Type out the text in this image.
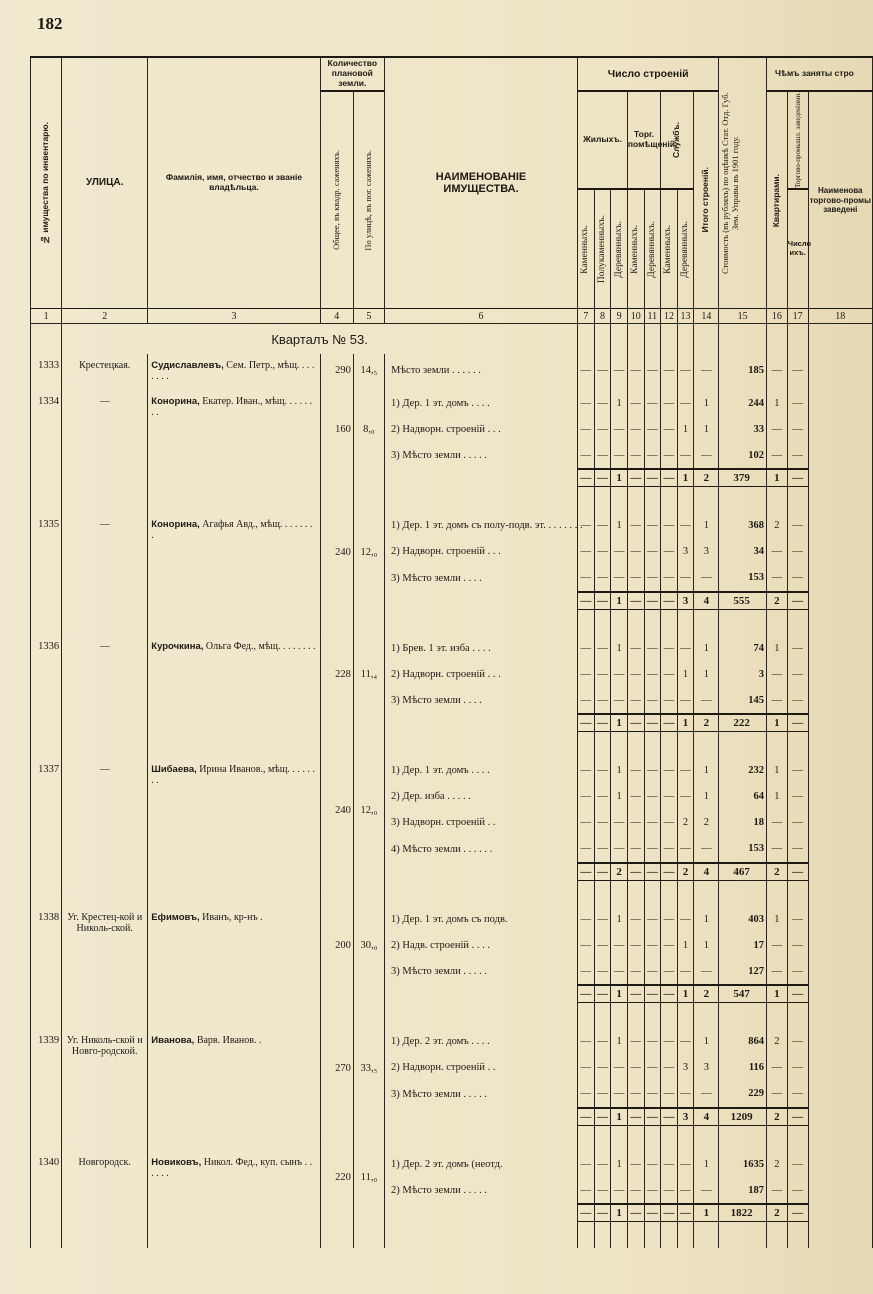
182
№ имущества по инвентарю.	УЛИЦА.	Фамилія, имя, отчество и званіе владѣльца.	Количество плановой земли.		НАИМЕНОВАНІЕ ИМУЩЕСТВА.	Число строеній								Стоимость (въ рубляхъ) по оцѣнкѣ Стат. Отд. Губ. Зем. Управы въ 1901 году.	Чѣмъ заняты стро		

			Общее, въ квадр. саженяхъ.	По улицѣ, въ пог. саженяхъ.		Жилыхъ.			Торг. помѣщеній.		Службъ.		Итого строеній.		Квартирами.	Торгово-промышл. заведеніями.	Наименова торгово-промы заведені

						Каменныхъ.	Полукаменныхъ.	Деревянныхъ.	Каменныхъ.	Деревянныхъ.	Каменныхъ.	Деревянныхъ.				Число ихъ.	
1	2	3	4	5	6	7	8	9	10	11	12	13	14	15	16	17	18
	Кварталъ № 53.																
1333	Крестецкая.	Судиславлевъ, Сем. Петр., мѣщ. . . . . . . .	290	14,₅	Мѣсто земли . . . . . .	—	—	—	—	—	—	—	—	185	—	—	

1334	—	Конорина, Екатер. Иван., мѣщ. . . . . . . .	160	8,₀	1) Дер. 1 эт. домъ . . . .	—	—	1	—	—	—	—	1	244	1	—	
					2) Надворн. строеній . . .	—	—	—	—	—	—	1	1	33	—	—	
					3) Мѣсто земли . . . . .	—	—	—	—	—	—	—	—	102	—	—	
						—	—	1	—	—	—	1	2	379	1	—	

1335	—	Конорина, Агафья Авд., мѣщ. . . . . . . .	240	12,₀	1) Дер. 1 эт. домъ съ полу-подв. эт. . . . . . . .	—	—	1	—	—	—	—	1	368	2	—	
					2) Надворн. строеній . . .	—	—	—	—	—	—	3	3	34	—	—	
					3) Мѣсто земли . . . .	—	—	—	—	—	—	—	—	153	—	—	
						—	—	1	—	—	—	3	4	555	2	—	

1336	—	Курочкина, Ольга Фед., мѣщ. . . . . . . .	228	11,₄	1) Брев. 1 эт. изба . . . .	—	—	1	—	—	—	—	1	74	1	—	
					2) Надворн. строеній . . .	—	—	—	—	—	—	1	1	3	—	—	
					3) Мѣсто земли . . . .	—	—	—	—	—	—	—	—	145	—	—	
						—	—	1	—	—	—	1	2	222	1	—	

1337	—	Шибаева, Ирина Иванов., мѣщ. . . . . . . .	240	12,₀	1) Дер. 1 эт. домъ . . . .	—	—	1	—	—	—	—	1	232	1	—	
					2) Дер. изба . . . . .	—	—	1	—	—	—	—	1	64	1	—	
					3) Надворн. строеній . .	—	—	—	—	—	—	2	2	18	—	—	
					4) Мѣсто земли . . . . . .	—	—	—	—	—	—	—	—	153	—	—	
						—	—	2	—	—	—	2	4	467	2	—	

1338	Уг. Крестец-кой и Николь-ской.	Ефимовъ, Иванъ, кр-нъ .	200	30,₀	1) Дер. 1 эт. домъ съ подв.	—	—	1	—	—	—	—	1	403	1	—	
					2) Надв. строеній . . . .	—	—	—	—	—	—	1	1	17	—	—	
					3) Мѣсто земли . . . . .	—	—	—	—	—	—	—	—	127	—	—	
						—	—	1	—	—	—	1	2	547	1	—	

1339	Уг. Николь-ской и Новго-родской.	Иванова, Варв. Иванов. .	270	33,₅	1) Дер. 2 эт. домъ . . . .	—	—	1	—	—	—	—	1	864	2	—	
					2) Надворн. строеній . .	—	—	—	—	—	—	3	3	116	—	—	
					3) Мѣсто земли . . . . .	—	—	—	—	—	—	—	—	229	—	—	
						—	—	1	—	—	—	3	4	1209	2	—	

1340	Новгородск.	Новиковъ, Никол. Фед., куп. сынъ . . . . . .	220	11,₀	1) Дер. 2 эт. домъ (неотд.	—	—	1	—	—	—	—	1	1635	2	—	
					2) Мѣсто земли . . . . .	—	—	—	—	—	—	—	—	187	—	—	
						—	—	1	—	—	—	—	1	1822	2	—	
